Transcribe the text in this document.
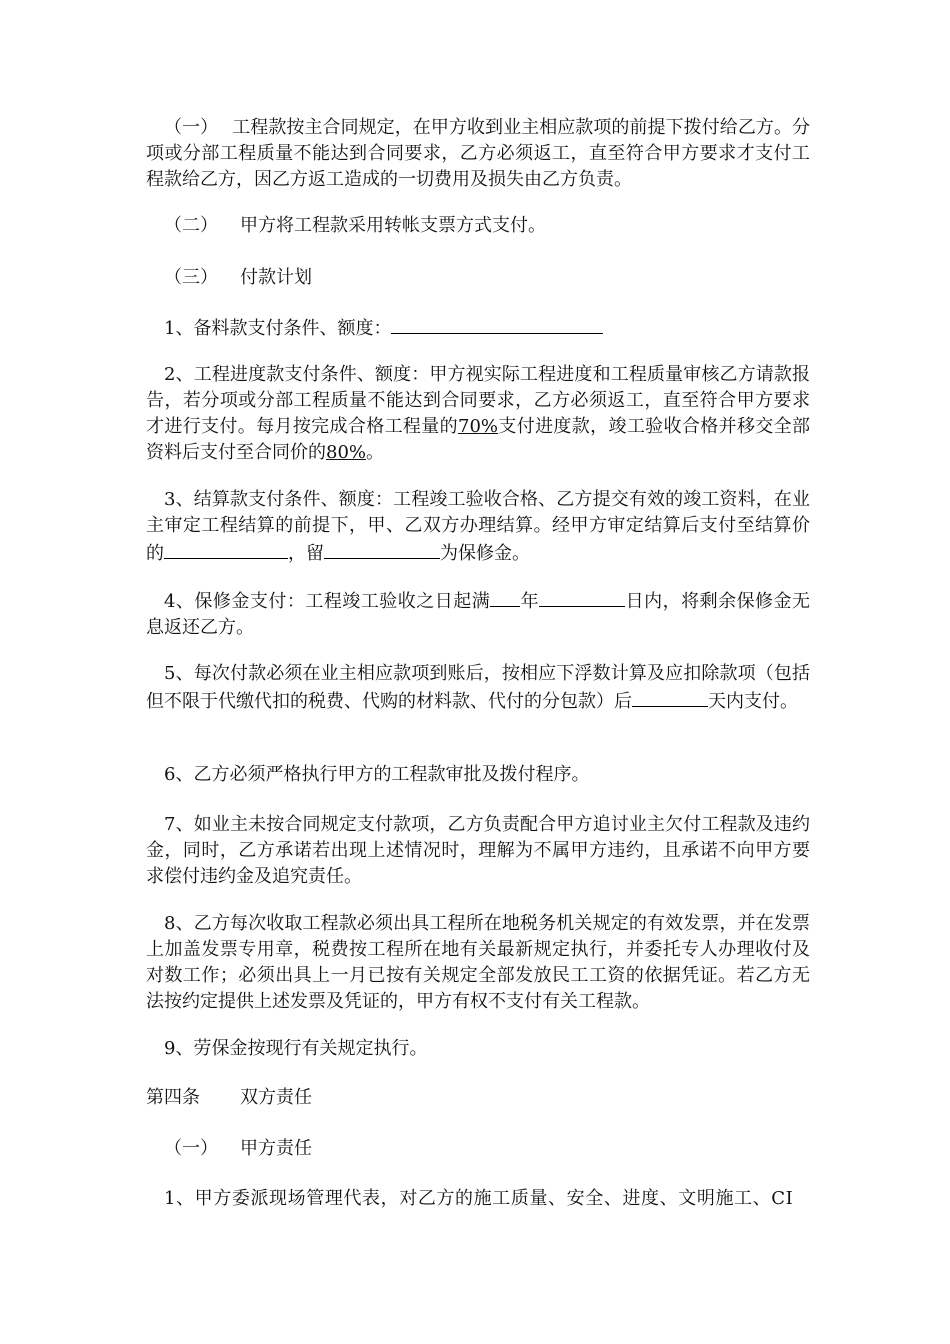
（一） 工程款按主合同规定，在甲方收到业主相应款项的前提下拨付给乙方。分项或分部工程质量不能达到合同要求，乙方必须返工，直至符合甲方要求才支付工程款给乙方，因乙方返工造成的一切费用及损失由乙方负责。
（二） 甲方将工程款采用转帐支票方式支付。
（三） 付款计划
1、备料款支付条件、额度：
2、工程进度款支付条件、额度：甲方视实际工程进度和工程质量审核乙方请款报告，若分项或分部工程质量不能达到合同要求，乙方必须返工，直至符合甲方要求才进行支付。每月按完成合格工程量的70%支付进度款，竣工验收合格并移交全部资料后支付至合同价的80%。
3、结算款支付条件、额度：工程竣工验收合格、乙方提交有效的竣工资料，在业主审定工程结算的前提下，甲、乙双方办理结算。经甲方审定结算后支付至结算价的	，留	为保修金。
4、保修金支付：工程竣工验收之日起满 年	日内，将剩余保修金无息返还乙方。
5、每次付款必须在业主相应款项到账后，按相应下浮数计算及应扣除款项（包括但不限于代缴代扣的税费、代购的材料款、代付的分包款）后	天内支付。
6、乙方必须严格执行甲方的工程款审批及拨付程序。
7、如业主未按合同规定支付款项，乙方负责配合甲方追讨业主欠付工程款及违约金，同时，乙方承诺若出现上述情况时，理解为不属甲方违约，且承诺不向甲方要求偿付违约金及追究责任。
8、乙方每次收取工程款必须出具工程所在地税务机关规定的有效发票，并在发票上加盖发票专用章，税费按工程所在地有关最新规定执行，并委托专人办理收付及对数工作；必须出具上一月已按有关规定全部发放民工工资的依据凭证。若乙方无法按约定提供上述发票及凭证的，甲方有权不支付有关工程款。
9、劳保金按现行有关规定执行。
第四条 双方责任
（一） 甲方责任
1、甲方委派现场管理代表，对乙方的施工质量、安全、进度、文明施工、CI
